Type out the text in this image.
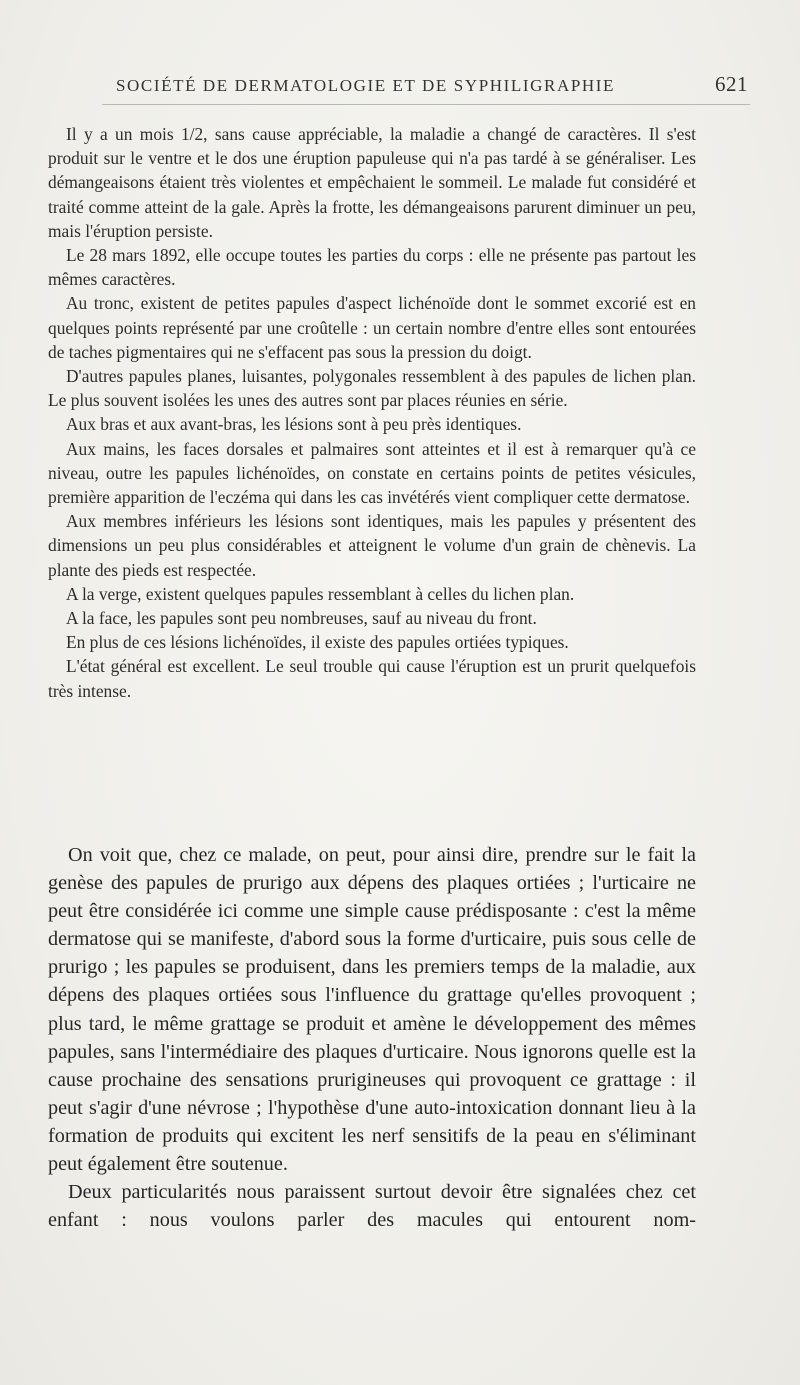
SOCIÉTÉ DE DERMATOLOGIE ET DE SYPHILIGRAPHIE	621

Il y a un mois 1/2, sans cause appréciable, la maladie a changé de caractères. Il s'est produit sur le ventre et le dos une éruption papuleuse qui n'a pas tardé à se généraliser. Les démangeaisons étaient très violentes et empêchaient le sommeil. Le malade fut considéré et traité comme atteint de la gale. Après la frotte, les démangeaisons parurent diminuer un peu, mais l'éruption persiste.

Le 28 mars 1892, elle occupe toutes les parties du corps : elle ne présente pas partout les mêmes caractères.

Au tronc, existent de petites papules d'aspect lichénoïde dont le sommet excorié est en quelques points représenté par une croûtelle : un certain nombre d'entre elles sont entourées de taches pigmentaires qui ne s'effacent pas sous la pression du doigt.

D'autres papules planes, luisantes, polygonales ressemblent à des papules de lichen plan. Le plus souvent isolées les unes des autres sont par places réunies en série.

Aux bras et aux avant-bras, les lésions sont à peu près identiques.

Aux mains, les faces dorsales et palmaires sont atteintes et il est à remarquer qu'à ce niveau, outre les papules lichénoïdes, on constate en certains points de petites vésicules, première apparition de l'eczéma qui dans les cas invétérés vient compliquer cette dermatose.

Aux membres inférieurs les lésions sont identiques, mais les papules y présentent des dimensions un peu plus considérables et atteignent le volume d'un grain de chènevis. La plante des pieds est respectée.

A la verge, existent quelques papules ressemblant à celles du lichen plan.

A la face, les papules sont peu nombreuses, sauf au niveau du front.

En plus de ces lésions lichénoïdes, il existe des papules ortiées typiques.

L'état général est excellent. Le seul trouble qui cause l'éruption est un prurit quelquefois très intense.

On voit que, chez ce malade, on peut, pour ainsi dire, prendre sur le fait la genèse des papules de prurigo aux dépens des plaques ortiées ; l'urticaire ne peut être considérée ici comme une simple cause prédisposante : c'est la même dermatose qui se manifeste, d'abord sous la forme d'urticaire, puis sous celle de prurigo ; les papules se produisent, dans les premiers temps de la maladie, aux dépens des plaques ortiées sous l'influence du grattage qu'elles provoquent ; plus tard, le même grattage se produit et amène le développement des mêmes papules, sans l'intermédiaire des plaques d'urticaire. Nous ignorons quelle est la cause prochaine des sensations prurigineuses qui provoquent ce grattage : il peut s'agir d'une névrose ; l'hypothèse d'une auto-intoxication donnant lieu à la formation de produits qui excitent les nerf sensitifs de la peau en s'éliminant peut également être soutenue.

Deux particularités nous paraissent surtout devoir être signalées chez cet enfant : nous voulons parler des macules qui entourent nom-
